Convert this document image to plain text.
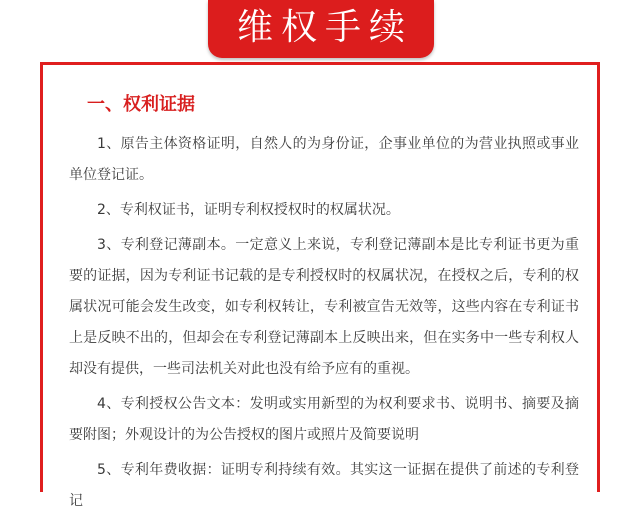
维权手续
一、权利证据

1、原告主体资格证明，自然人的为身份证，企事业单位的为营业执照或事业单位登记证。

2、专利权证书，证明专利权授权时的权属状况。

3、专利登记薄副本。一定意义上来说，专利登记薄副本是比专利证书更为重要的证据，因为专利证书记载的是专利授权时的权属状况，在授权之后，专利的权属状况可能会发生改变，如专利权转让，专利被宣告无效等，这些内容在专利证书上是反映不出的，但却会在专利登记薄副本上反映出来，但在实务中一些专利权人却没有提供，一些司法机关对此也没有给予应有的重视。

4、专利授权公告文本：发明或实用新型的为权利要求书、说明书、摘要及摘要附图；外观设计的为公告授权的图片或照片及简要说明

5、专利年费收据：证明专利持续有效。其实这一证据在提供了前述的专利登记
